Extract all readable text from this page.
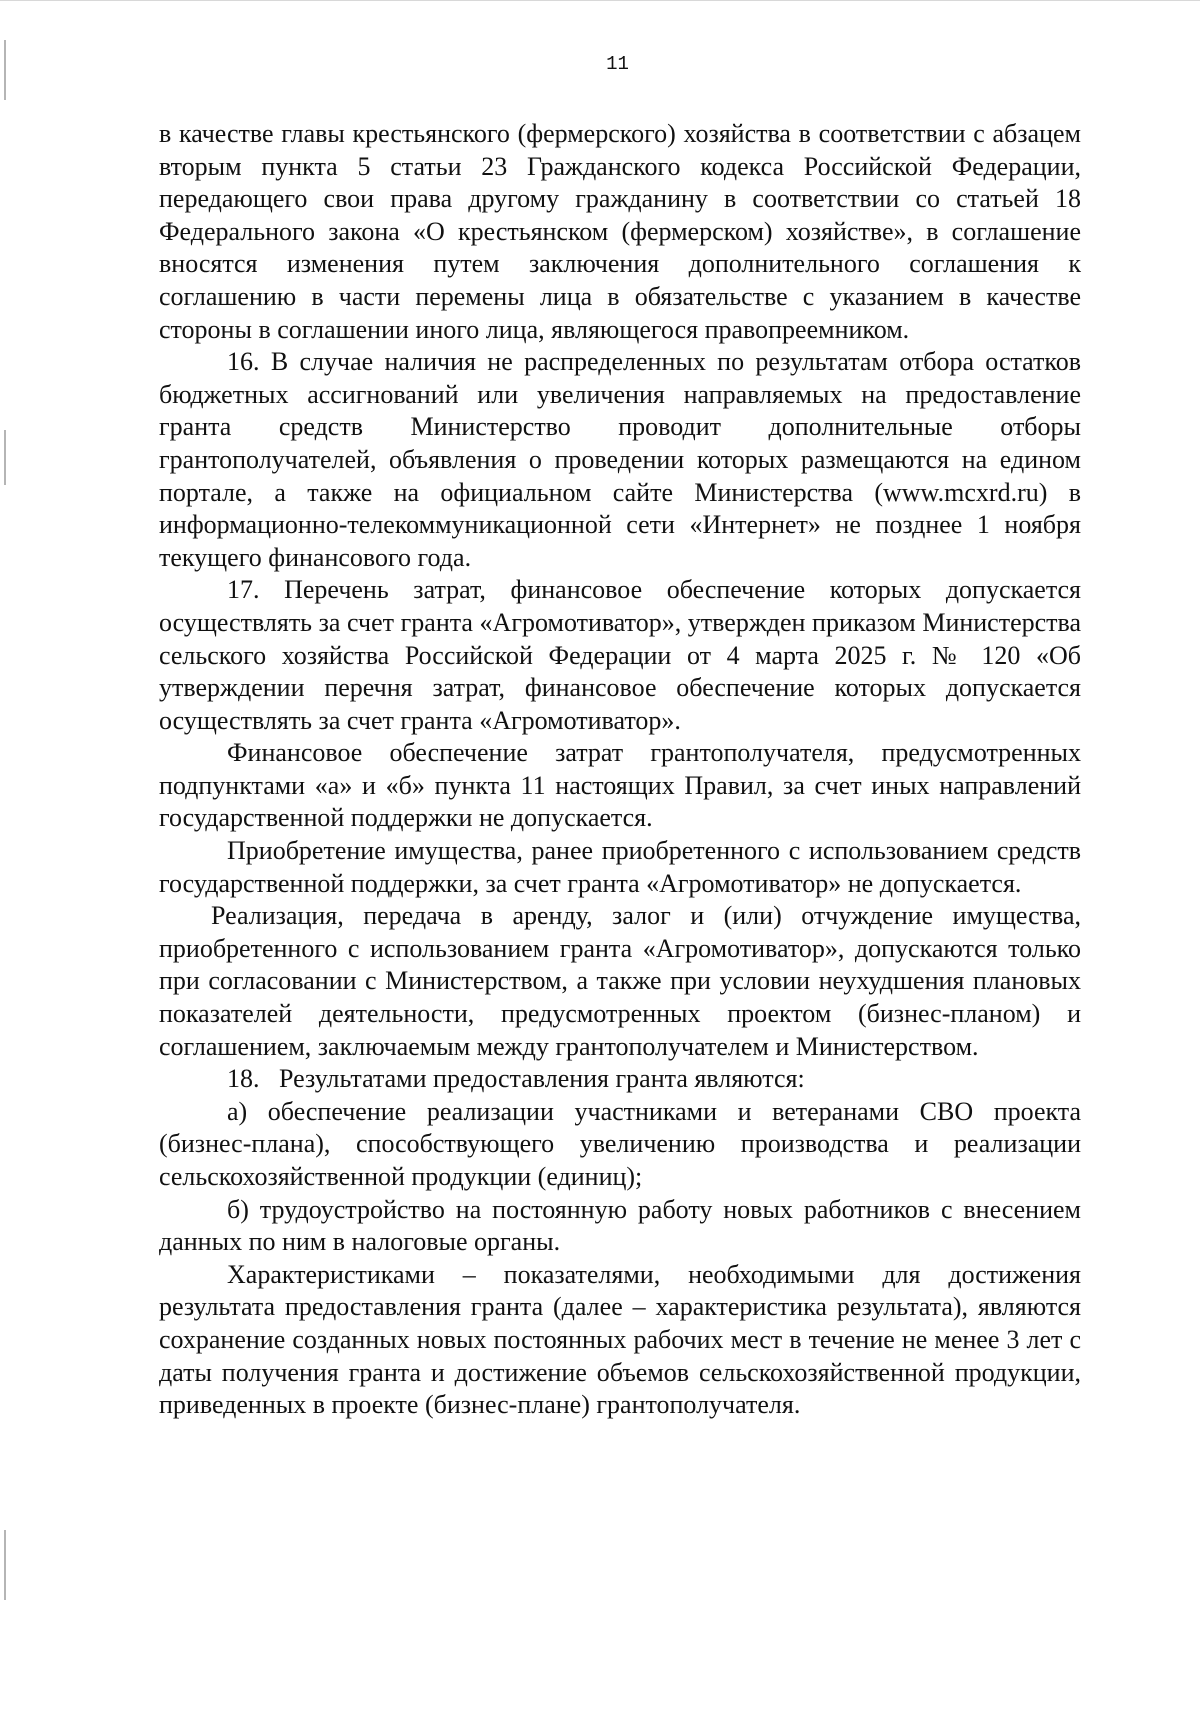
11

в качестве главы крестьянского (фермерского) хозяйства в соответствии с абзацем вторым пункта 5 статьи 23 Гражданского кодекса Российской Федерации, передающего свои права другому гражданину в соответствии со статьей 18 Федерального закона «О крестьянском (фермерском) хозяйстве», в соглашение вносятся изменения путем заключения дополнительного соглашения к соглашению в части перемены лица в обязательстве с указанием в качестве стороны в соглашении иного лица, являющегося правопреемником.

16. В случае наличия не распределенных по результатам отбора остатков бюджетных ассигнований или увеличения направляемых на предоставление гранта средств Министерство проводит дополнительные отборы грантополучателей, объявления о проведении которых размещаются на едином портале, а также на официальном сайте Министерства (www.mcxrd.ru) в информационно-телекоммуникационной сети «Интернет» не позднее 1 ноября текущего финансового года.

17. Перечень затрат, финансовое обеспечение которых допускается осуществлять за счет гранта «Агромотиватор», утвержден приказом Министерства сельского хозяйства Российской Федерации от 4 марта 2025 г. № 120 «Об утверждении перечня затрат, финансовое обеспечение которых допускается осуществлять за счет гранта «Агромотиватор».

Финансовое обеспечение затрат грантополучателя, предусмотренных подпунктами «а» и «б» пункта 11 настоящих Правил, за счет иных направлений государственной поддержки не допускается.

Приобретение имущества, ранее приобретенного с использованием средств государственной поддержки, за счет гранта «Агромотиватор» не допускается.

Реализация, передача в аренду, залог и (или) отчуждение имущества, приобретенного с использованием гранта «Агромотиватор», допускаются только при согласовании с Министерством, а также при условии неухудшения плановых показателей деятельности, предусмотренных проектом (бизнес-планом) и соглашением, заключаемым между грантополучателем и Министерством.

18.   Результатами предоставления гранта являются:

а) обеспечение реализации участниками и ветеранами СВО проекта (бизнес-плана), способствующего увеличению производства и реализации сельскохозяйственной продукции (единиц);

б) трудоустройство на постоянную работу новых работников с внесением данных по ним в налоговые органы.

Характеристиками – показателями, необходимыми для достижения результата предоставления гранта (далее – характеристика результата), являются сохранение созданных новых постоянных рабочих мест в течение не менее 3 лет с даты получения гранта и достижение объемов сельскохозяйственной продукции, приведенных в проекте (бизнес-плане) грантополучателя.
